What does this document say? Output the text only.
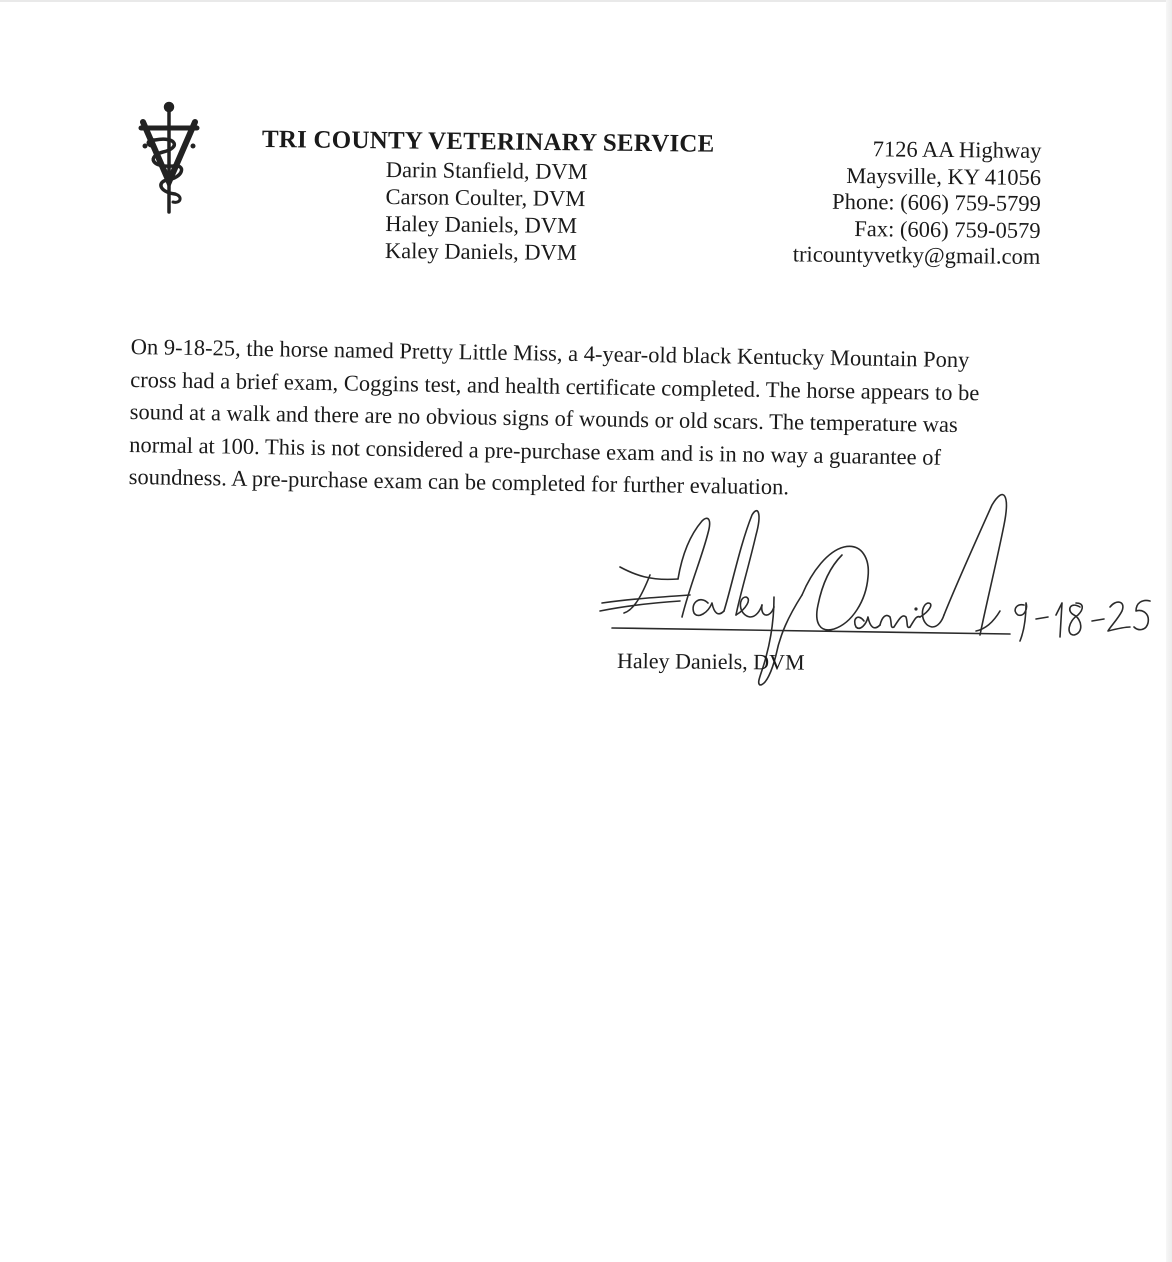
TRI COUNTY VETERINARY SERVICE
Darin Stanfield, DVM
Carson Coulter, DVM
Haley Daniels, DVM
Kaley Daniels, DVM
7126 AA Highway
Maysville, KY 41056
Phone: (606) 759-5799
Fax: (606) 759-0579
tricountyvetky@gmail.com
On 9-18-25, the horse named Pretty Little Miss, a 4-year-old black Kentucky Mountain Pony
cross had a brief exam, Coggins test, and health certificate completed. The horse appears to be
sound at a walk and there are no obvious signs of wounds or old scars. The temperature was
normal at 100. This is not considered a pre-purchase exam and is in no way a guarantee of
soundness. A pre-purchase exam can be completed for further evaluation.
Haley Daniels, DVM
